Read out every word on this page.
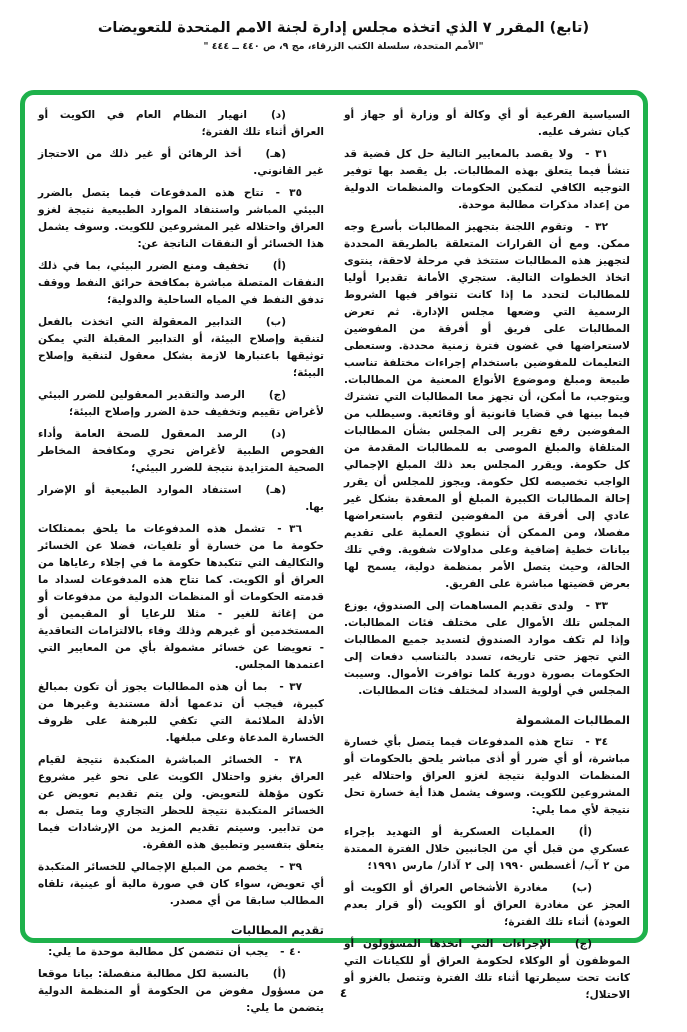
(تابع) المقرر ٧ الذي اتخذه مجلس إدارة لجنة الامم المتحدة للتعويضات
"الأمم المتحدة، سلسلة الكتب الزرقاء، مج ٩، ص ٤٤٠ ــ ٤٤٤ "

السياسية الفرعية أو أي وكالة أو وزارة أو جهاز أو كيان تشرف عليه.

٣١ -ولا يقصد بالمعايير التالية حل كل قضية قد تنشأ فيما يتعلق بهذه المطالبات. بل يقصد بها توفير التوجيه الكافي لتمكين الحكومات والمنظمات الدولية من إعداد مذكرات مطالبة موحدة.

٣٢ -وتقوم اللجنة بتجهيز المطالبات بأسرع وجه ممكن. ومع أن القرارات المتعلقة بالطريقة المحددة لتجهيز هذه المطالبات ستتخذ في مرحلة لاحقة، ينتوى اتخاذ الخطوات التالية. ستجري الأمانة تقديرا أوليا للمطالبات لتحدد ما إذا كانت تتوافر فيها الشروط الرسمية التي وضعها مجلس الإدارة. ثم تعرض المطالبات على فريق أو أفرقة من المفوضين لاستعراضها في غضون فترة زمنية محددة. وستعطى التعليمات للمفوضين باستخدام إجراءات مختلفة تناسب طبيعة ومبلغ وموضوع الأنواع المعنية من المطالبات. ويتوجب، ما أمكن، أن تجهز معا المطالبات التي تشترك فيما بينها في قضايا قانونية أو وقائعية. وسيطلب من المفوضين رفع تقرير إلى المجلس بشأن المطالبات المتلقاة والمبلغ الموصى به للمطالبات المقدمة من كل حكومة. ويقرر المجلس بعد ذلك المبلغ الإجمالي الواجب تخصيصه لكل حكومة. ويجوز للمجلس أن يقرر إحالة المطالبات الكبيرة المبلغ أو المعقدة بشكل غير عادي إلى أفرقة من المفوضين لتقوم باستعراضها مفصلا، ومن الممكن أن تنطوي العملية على تقديم بيانات خطية إضافية وعلى مداولات شفوية. وفي تلك الحالة، وحيث يتصل الأمر بمنظمة دولية، يسمح لها بعرض قضيتها مباشرة على الفريق.

٣٣ -ولدى تقديم المساهمات إلى الصندوق، يوزع المجلس تلك الأموال على مختلف فئات المطالبات. وإذا لم تكف موارد الصندوق لتسديد جميع المطالبات التي تجهز حتى تاريخه، تسدد بالتناسب دفعات إلى الحكومات بصورة دورية كلما توافرت الأموال. وسيبت المجلس في أولوية السداد لمختلف فئات المطالبات.

المطالبات المشمولة

٣٤ -تتاح هذه المدفوعات فيما يتصل بأي خسارة مباشرة، أو أي ضرر أو أذى مباشر يلحق بالحكومات أو المنظمات الدولية نتيجة لغزو العراق واحتلاله غير المشروعين للكويت. وسوف يشمل هذا أية خسارة تحل نتيجة لأي مما يلي:

(أ)العمليات العسكرية أو التهديد بإجراء عسكري من قبل أي من الجانبين خلال الفترة الممتدة من ٢ آب/ أغسطس ١٩٩٠ إلى ٢ آذار/ مارس ١٩٩١؛

(ب)مغادرة الأشخاص العراق أو الكويت أو العجز عن مغادرة العراق أو الكويت (أو قرار بعدم العودة) أثناء تلك الفترة؛

(ج)الإجراءات التي اتخذها المسؤولون أو الموظفون أو الوكلاء لحكومة العراق أو للكيانات التي كانت تحت سيطرتها أثناء تلك الفترة وتتصل بالغزو أو الاحتلال؛

(د)انهيار النظام العام في الكويت أو العراق أثناء تلك الفترة؛

(هـ)أخذ الرهائن أو غير ذلك من الاحتجاز غير القانوني.

٣٥ -تتاح هذه المدفوعات فيما يتصل بالضرر البيئي المباشر واستنفاد الموارد الطبيعية نتيجة لغزو العراق واحتلاله غير المشروعين للكويت. وسوف يشمل هذا الخسائر أو النفقات الناتجة عن:

(أ)تخفيف ومنع الضرر البيئي، بما في ذلك النفقات المتصلة مباشرة بمكافحة حرائق النفط ووقف تدفق النفط في المياه الساحلية والدولية؛

(ب)التدابير المعقولة التي اتخذت بالفعل لتنقية وإصلاح البيئة، أو التدابير المقبلة التي يمكن توثيقها باعتبارها لازمة بشكل معقول لتنقية وإصلاح البيئة؛

(ج)الرصد والتقدير المعقولين للضرر البيئي لأغراض تقييم وتخفيف حدة الضرر وإصلاح البيئة؛

(د)الرصد المعقول للصحة العامة وأداء الفحوص الطبية لأغراض تحري ومكافحة المخاطر الصحية المتزايدة نتيجة للضرر البيئي؛

(هـ)استنفاد الموارد الطبيعية أو الإضرار بها.

٣٦ -تشمل هذه المدفوعات ما يلحق بممتلكات حكومة ما من خسارة أو تلفيات، فضلا عن الخسائر والتكاليف التي تتكبدها حكومة ما في إجلاء رعاياها من العراق أو الكويت. كما تتاح هذه المدفوعات لسداد ما قدمته الحكومات أو المنظمات الدولية من مدفوعات أو من إغاثة للغير - مثلا للرعايا أو المقيمين أو المستخدمين أو غيرهم وذلك وفاء بالالتزامات التعاقدية - تعويضا عن خسائر مشمولة بأي من المعايير التي اعتمدها المجلس.

٣٧ -بما أن هذه المطالبات يجوز أن تكون بمبالغ كبيرة، فيجب أن تدعمها أدلة مستندية وغيرها من الأدلة الملائمة التي تكفي للبرهنة على ظروف الخسارة المدعاة وعلى مبلغها.

٣٨ -الخسائر المباشرة المتكبدة نتيجة لقيام العراق بغزو واحتلال الكويت على نحو غير مشروع تكون مؤهلة للتعويض. ولن يتم تقديم تعويض عن الخسائر المتكبدة نتيجة للحظر التجاري وما يتصل به من تدابير. وسيتم تقديم المزيد من الإرشادات فيما يتعلق بتفسير وتطبيق هذه الفقرة.

٣٩ -يخصم من المبلغ الإجمالي للخسائر المتكبدة أي تعويض، سواء كان في صورة مالية أو عينية، تلقاه المطالب سابقا من أي مصدر.

تقديم المطالبات

٤٠ -يجب أن تتضمن كل مطالبة موحدة ما يلي:

(أ)بالنسبة لكل مطالبة منفصلة: بيانا موقعا من مسؤول مفوض من الحكومة أو المنظمة الدولية يتضمن ما يلي:

٤
